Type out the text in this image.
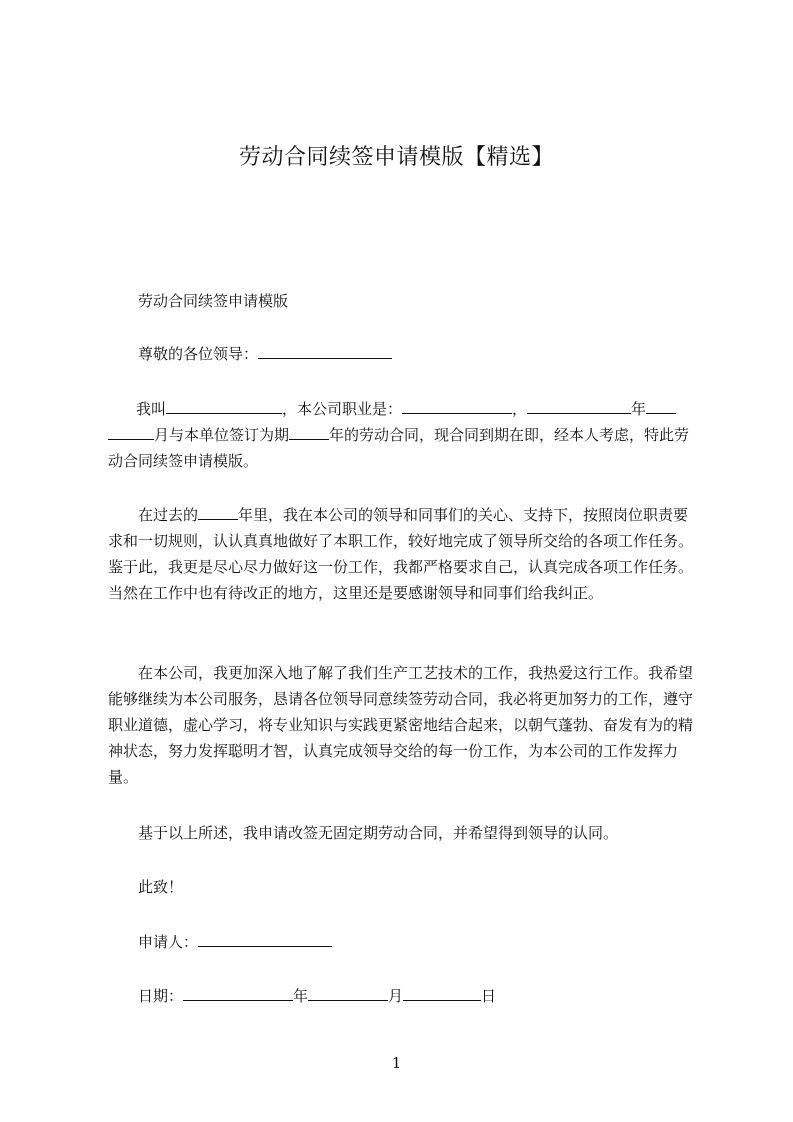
劳动合同续签申请模版【精选】

劳动合同续签申请模版

尊敬的各位领导：

我叫	，本公司职业是：	，	年月与本单位签订为期	年的劳动合同，现合同到期在即，经本人考虑，特此劳动合同续签申请模版。

在过去的	年里，我在本公司的领导和同事们的关心、支持下，按照岗位职责要求和一切规则，认认真真地做好了本职工作，较好地完成了领导所交给的各项工作任务。鉴于此，我更是尽心尽力做好这一份工作，我都严格要求自己，认真完成各项工作任务。当然在工作中也有待改正的地方，这里还是要感谢领导和同事们给我纠正。

在本公司，我更加深入地了解了我们生产工艺技术的工作，我热爱这行工作。我希望能够继续为本公司服务，恳请各位领导同意续签劳动合同，我必将更加努力的工作，遵守职业道德，虚心学习，将专业知识与实践更紧密地结合起来，以朝气蓬勃、奋发有为的精神状态，努力发挥聪明才智，认真完成领导交给的每一份工作，为本公司的工作发挥力量。

基于以上所述，我申请改签无固定期劳动合同，并希望得到领导的认同。

此致！

申请人：

日期：	年	月	日

1
